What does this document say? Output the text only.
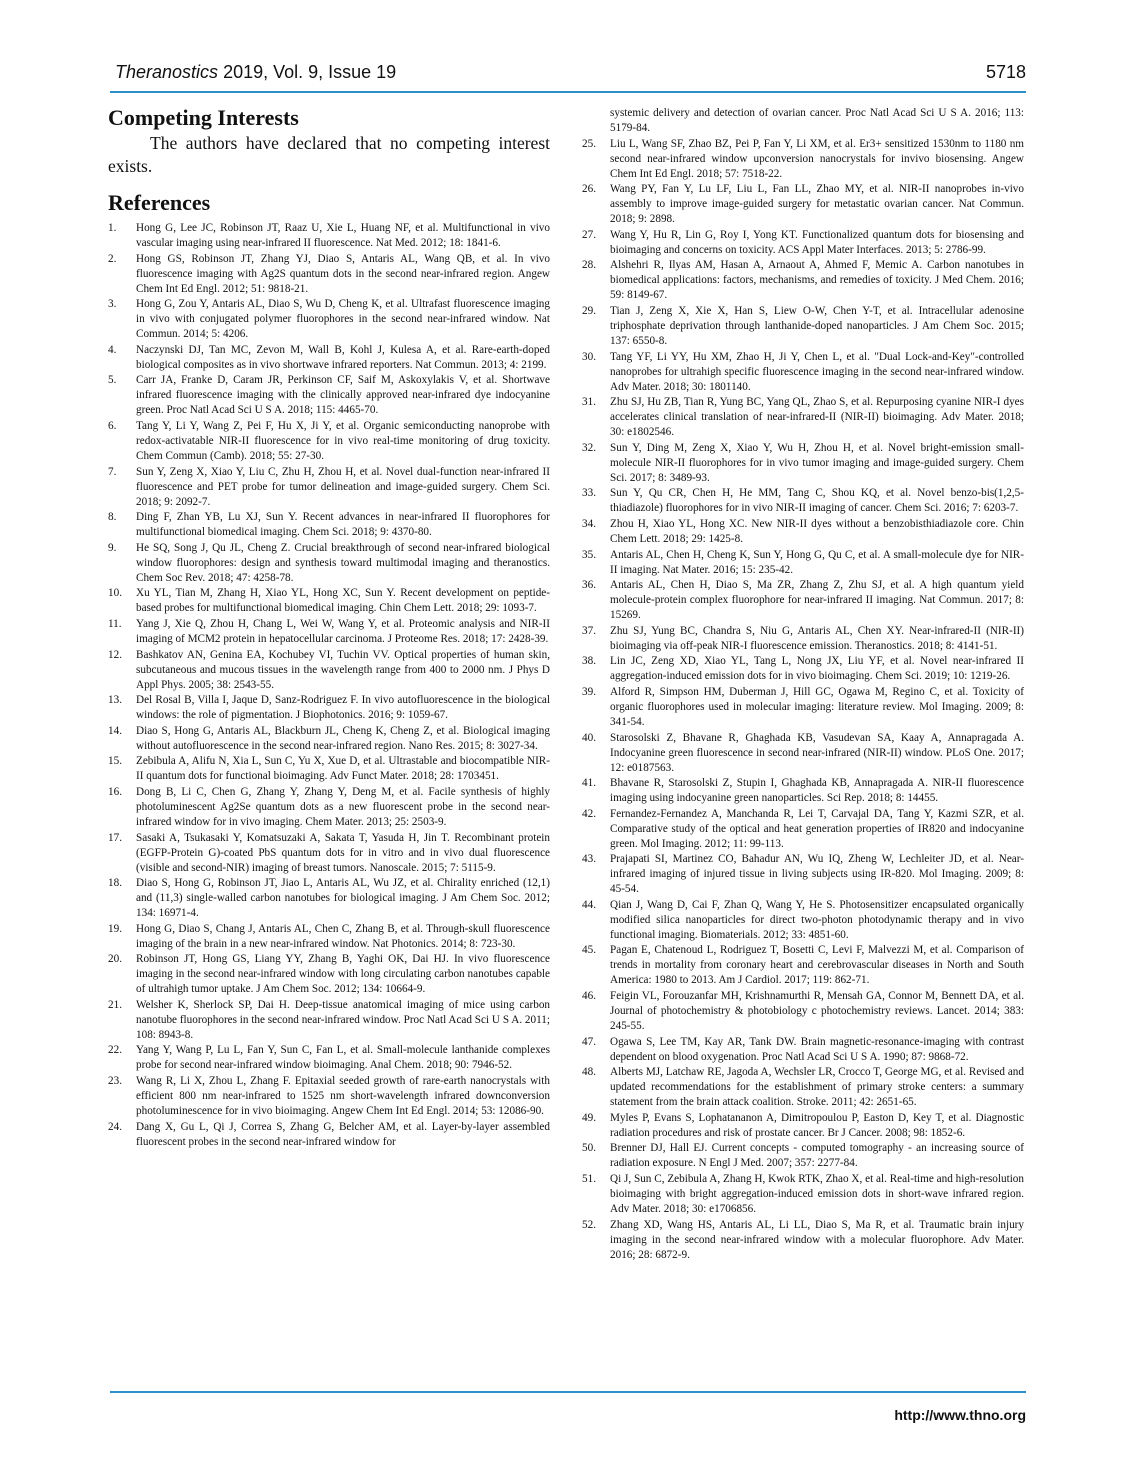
Theranostics 2019, Vol. 9, Issue 19	5718
Competing Interests

The authors have declared that no competing interest exists.

References
1. Hong G, Lee JC, Robinson JT, Raaz U, Xie L, Huang NF, et al. Multifunctional in vivo vascular imaging using near-infrared II fluorescence. Nat Med. 2012; 18: 1841-6.
2. Hong GS, Robinson JT, Zhang YJ, Diao S, Antaris AL, Wang QB, et al. In vivo fluorescence imaging with Ag2S quantum dots in the second near-infrared region. Angew Chem Int Ed Engl. 2012; 51: 9818-21.
3. Hong G, Zou Y, Antaris AL, Diao S, Wu D, Cheng K, et al. Ultrafast fluorescence imaging in vivo with conjugated polymer fluorophores in the second near-infrared window. Nat Commun. 2014; 5: 4206.
4. Naczynski DJ, Tan MC, Zevon M, Wall B, Kohl J, Kulesa A, et al. Rare-earth-doped biological composites as in vivo shortwave infrared reporters. Nat Commun. 2013; 4: 2199.
5. Carr JA, Franke D, Caram JR, Perkinson CF, Saif M, Askoxylakis V, et al. Shortwave infrared fluorescence imaging with the clinically approved near-infrared dye indocyanine green. Proc Natl Acad Sci U S A. 2018; 115: 4465-70.
6. Tang Y, Li Y, Wang Z, Pei F, Hu X, Ji Y, et al. Organic semiconducting nanoprobe with redox-activatable NIR-II fluorescence for in vivo real-time monitoring of drug toxicity. Chem Commun (Camb). 2018; 55: 27-30.
7. Sun Y, Zeng X, Xiao Y, Liu C, Zhu H, Zhou H, et al. Novel dual-function near-infrared II fluorescence and PET probe for tumor delineation and image-guided surgery. Chem Sci. 2018; 9: 2092-7.
8. Ding F, Zhan YB, Lu XJ, Sun Y. Recent advances in near-infrared II fluorophores for multifunctional biomedical imaging. Chem Sci. 2018; 9: 4370-80.
9. He SQ, Song J, Qu JL, Cheng Z. Crucial breakthrough of second near-infrared biological window fluorophores: design and synthesis toward multimodal imaging and theranostics. Chem Soc Rev. 2018; 47: 4258-78.
10. Xu YL, Tian M, Zhang H, Xiao YL, Hong XC, Sun Y. Recent development on peptide-based probes for multifunctional biomedical imaging. Chin Chem Lett. 2018; 29: 1093-7.
11. Yang J, Xie Q, Zhou H, Chang L, Wei W, Wang Y, et al. Proteomic analysis and NIR-II imaging of MCM2 protein in hepatocellular carcinoma. J Proteome Res. 2018; 17: 2428-39.
12. Bashkatov AN, Genina EA, Kochubey VI, Tuchin VV. Optical properties of human skin, subcutaneous and mucous tissues in the wavelength range from 400 to 2000 nm. J Phys D Appl Phys. 2005; 38: 2543-55.
13. Del Rosal B, Villa I, Jaque D, Sanz-Rodriguez F. In vivo autofluorescence in the biological windows: the role of pigmentation. J Biophotonics. 2016; 9: 1059-67.
14. Diao S, Hong G, Antaris AL, Blackburn JL, Cheng K, Cheng Z, et al. Biological imaging without autofluorescence in the second near-infrared region. Nano Res. 2015; 8: 3027-34.
15. Zebibula A, Alifu N, Xia L, Sun C, Yu X, Xue D, et al. Ultrastable and biocompatible NIR-II quantum dots for functional bioimaging. Adv Funct Mater. 2018; 28: 1703451.
16. Dong B, Li C, Chen G, Zhang Y, Zhang Y, Deng M, et al. Facile synthesis of highly photoluminescent Ag2Se quantum dots as a new fluorescent probe in the second near-infrared window for in vivo imaging. Chem Mater. 2013; 25: 2503-9.
17. Sasaki A, Tsukasaki Y, Komatsuzaki A, Sakata T, Yasuda H, Jin T. Recombinant protein (EGFP-Protein G)-coated PbS quantum dots for in vitro and in vivo dual fluorescence (visible and second-NIR) imaging of breast tumors. Nanoscale. 2015; 7: 5115-9.
18. Diao S, Hong G, Robinson JT, Jiao L, Antaris AL, Wu JZ, et al. Chirality enriched (12,1) and (11,3) single-walled carbon nanotubes for biological imaging. J Am Chem Soc. 2012; 134: 16971-4.
19. Hong G, Diao S, Chang J, Antaris AL, Chen C, Zhang B, et al. Through-skull fluorescence imaging of the brain in a new near-infrared window. Nat Photonics. 2014; 8: 723-30.
20. Robinson JT, Hong GS, Liang YY, Zhang B, Yaghi OK, Dai HJ. In vivo fluorescence imaging in the second near-infrared window with long circulating carbon nanotubes capable of ultrahigh tumor uptake. J Am Chem Soc. 2012; 134: 10664-9.
21. Welsher K, Sherlock SP, Dai H. Deep-tissue anatomical imaging of mice using carbon nanotube fluorophores in the second near-infrared window. Proc Natl Acad Sci U S A. 2011; 108: 8943-8.
22. Yang Y, Wang P, Lu L, Fan Y, Sun C, Fan L, et al. Small-molecule lanthanide complexes probe for second near-infrared window bioimaging. Anal Chem. 2018; 90: 7946-52.
23. Wang R, Li X, Zhou L, Zhang F. Epitaxial seeded growth of rare-earth nanocrystals with efficient 800 nm near-infrared to 1525 nm short-wavelength infrared downconversion photoluminescence for in vivo bioimaging. Angew Chem Int Ed Engl. 2014; 53: 12086-90.
24. Dang X, Gu L, Qi J, Correa S, Zhang G, Belcher AM, et al. Layer-by-layer assembled fluorescent probes in the second near-infrared window for
systemic delivery and detection of ovarian cancer. Proc Natl Acad Sci U S A. 2016; 113: 5179-84.
25. Liu L, Wang SF, Zhao BZ, Pei P, Fan Y, Li XM, et al. Er3+ sensitized 1530nm to 1180 nm second near-infrared window upconversion nanocrystals for invivo biosensing. Angew Chem Int Ed Engl. 2018; 57: 7518-22.
26. Wang PY, Fan Y, Lu LF, Liu L, Fan LL, Zhao MY, et al. NIR-II nanoprobes in-vivo assembly to improve image-guided surgery for metastatic ovarian cancer. Nat Commun. 2018; 9: 2898.
27. Wang Y, Hu R, Lin G, Roy I, Yong KT. Functionalized quantum dots for biosensing and bioimaging and concerns on toxicity. ACS Appl Mater Interfaces. 2013; 5: 2786-99.
28. Alshehri R, Ilyas AM, Hasan A, Arnaout A, Ahmed F, Memic A. Carbon nanotubes in biomedical applications: factors, mechanisms, and remedies of toxicity. J Med Chem. 2016; 59: 8149-67.
29. Tian J, Zeng X, Xie X, Han S, Liew O-W, Chen Y-T, et al. Intracellular adenosine triphosphate deprivation through lanthanide-doped nanoparticles. J Am Chem Soc. 2015; 137: 6550-8.
30. Tang YF, Li YY, Hu XM, Zhao H, Ji Y, Chen L, et al. "Dual Lock-and-Key"-controlled nanoprobes for ultrahigh specific fluorescence imaging in the second near-infrared window. Adv Mater. 2018; 30: 1801140.
31. Zhu SJ, Hu ZB, Tian R, Yung BC, Yang QL, Zhao S, et al. Repurposing cyanine NIR-I dyes accelerates clinical translation of near-infrared-II (NIR-II) bioimaging. Adv Mater. 2018; 30: e1802546.
32. Sun Y, Ding M, Zeng X, Xiao Y, Wu H, Zhou H, et al. Novel bright-emission small-molecule NIR-II fluorophores for in vivo tumor imaging and image-guided surgery. Chem Sci. 2017; 8: 3489-93.
33. Sun Y, Qu CR, Chen H, He MM, Tang C, Shou KQ, et al. Novel benzo-bis(1,2,5-thiadiazole) fluorophores for in vivo NIR-II imaging of cancer. Chem Sci. 2016; 7: 6203-7.
34. Zhou H, Xiao YL, Hong XC. New NIR-II dyes without a benzobisthiadiazole core. Chin Chem Lett. 2018; 29: 1425-8.
35. Antaris AL, Chen H, Cheng K, Sun Y, Hong G, Qu C, et al. A small-molecule dye for NIR-II imaging. Nat Mater. 2016; 15: 235-42.
36. Antaris AL, Chen H, Diao S, Ma ZR, Zhang Z, Zhu SJ, et al. A high quantum yield molecule-protein complex fluorophore for near-infrared II imaging. Nat Commun. 2017; 8: 15269.
37. Zhu SJ, Yung BC, Chandra S, Niu G, Antaris AL, Chen XY. Near-infrared-II (NIR-II) bioimaging via off-peak NIR-I fluorescence emission. Theranostics. 2018; 8: 4141-51.
38. Lin JC, Zeng XD, Xiao YL, Tang L, Nong JX, Liu YF, et al. Novel near-infrared II aggregation-induced emission dots for in vivo bioimaging. Chem Sci. 2019; 10: 1219-26.
39. Alford R, Simpson HM, Duberman J, Hill GC, Ogawa M, Regino C, et al. Toxicity of organic fluorophores used in molecular imaging: literature review. Mol Imaging. 2009; 8: 341-54.
40. Starosolski Z, Bhavane R, Ghaghada KB, Vasudevan SA, Kaay A, Annapragada A. Indocyanine green fluorescence in second near-infrared (NIR-II) window. PLoS One. 2017; 12: e0187563.
41. Bhavane R, Starosolski Z, Stupin I, Ghaghada KB, Annapragada A. NIR-II fluorescence imaging using indocyanine green nanoparticles. Sci Rep. 2018; 8: 14455.
42. Fernandez-Fernandez A, Manchanda R, Lei T, Carvajal DA, Tang Y, Kazmi SZR, et al. Comparative study of the optical and heat generation properties of IR820 and indocyanine green. Mol Imaging. 2012; 11: 99-113.
43. Prajapati SI, Martinez CO, Bahadur AN, Wu IQ, Zheng W, Lechleiter JD, et al. Near-infrared imaging of injured tissue in living subjects using IR-820. Mol Imaging. 2009; 8: 45-54.
44. Qian J, Wang D, Cai F, Zhan Q, Wang Y, He S. Photosensitizer encapsulated organically modified silica nanoparticles for direct two-photon photodynamic therapy and in vivo functional imaging. Biomaterials. 2012; 33: 4851-60.
45. Pagan E, Chatenoud L, Rodriguez T, Bosetti C, Levi F, Malvezzi M, et al. Comparison of trends in mortality from coronary heart and cerebrovascular diseases in North and South America: 1980 to 2013. Am J Cardiol. 2017; 119: 862-71.
46. Feigin VL, Forouzanfar MH, Krishnamurthi R, Mensah GA, Connor M, Bennett DA, et al. Journal of photochemistry & photobiology c photochemistry reviews. Lancet. 2014; 383: 245-55.
47. Ogawa S, Lee TM, Kay AR, Tank DW. Brain magnetic-resonance-imaging with contrast dependent on blood oxygenation. Proc Natl Acad Sci U S A. 1990; 87: 9868-72.
48. Alberts MJ, Latchaw RE, Jagoda A, Wechsler LR, Crocco T, George MG, et al. Revised and updated recommendations for the establishment of primary stroke centers: a summary statement from the brain attack coalition. Stroke. 2011; 42: 2651-65.
49. Myles P, Evans S, Lophatananon A, Dimitropoulou P, Easton D, Key T, et al. Diagnostic radiation procedures and risk of prostate cancer. Br J Cancer. 2008; 98: 1852-6.
50. Brenner DJ, Hall EJ. Current concepts - computed tomography - an increasing source of radiation exposure. N Engl J Med. 2007; 357: 2277-84.
51. Qi J, Sun C, Zebibula A, Zhang H, Kwok RTK, Zhao X, et al. Real-time and high-resolution bioimaging with bright aggregation-induced emission dots in short-wave infrared region. Adv Mater. 2018; 30: e1706856.
52. Zhang XD, Wang HS, Antaris AL, Li LL, Diao S, Ma R, et al. Traumatic brain injury imaging in the second near-infrared window with a molecular fluorophore. Adv Mater. 2016; 28: 6872-9.
http://www.thno.org
